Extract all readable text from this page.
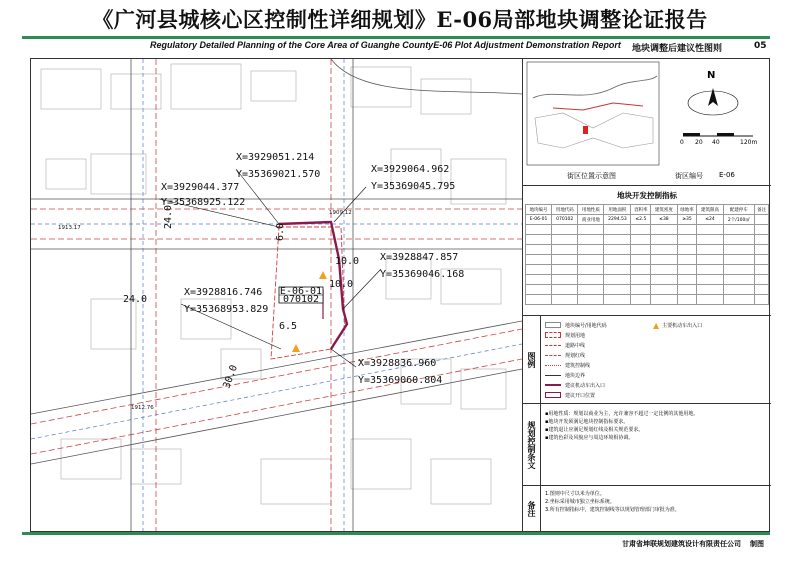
《广河县城核心区控制性详细规划》E-06局部地块调整论证报告
Regulatory Detailed Planning of the Core Area of Guanghe CountyE-06 Plot Adjustment Demonstration Report 地块调整后建议性图则	05
E-06-01
070102
X=3929051.214
Y=35369021.570	X=3929064.962
Y=35369045.795
X=3929044.377
Y=35368925.122
X=3928847.857
Y=35369046.168
X=3928816.746
Y=35368953.829
X=3928836.960
Y=35369060.804
24.0
24.0
6.0
10.0
10.0
6.5
30.0
1913.17
1909.12
1912.76
N
0 20 40	120m
街区位置示意图	街区编号 E-06
地块开发控制指标
地块编号	用地代码	用地性质	用地面积	容积率	建筑密度	绿地率	建筑限高	配建停车	备注
E-06-01	070102	商业用地	2294.53	≤2.5	≤38	≥35	≤24	2个/100㎡	

图例
地块编号/用地代码
规划用地
道路中线
规划红线
建筑控制线
地块边界
建议机动车出入口
建议开口位置
▲ 主要机动车出入口
规划控制条文
▪用地性质：规划以商业为主，允许兼容不超过一定比例的其他用地。
▪地块开发须满足地块控制指标要求。
▪建筑退让应满足规划红线及相关规范要求。
▪建筑色彩及风貌应与周边环境相协调。
备注
1.图则中尺寸以米为单位。
2.坐标采用城市独立坐标系统。
3.所有控制指标中，建筑控制线等以规划管理部门审批为准。
甘肃省坤联规划建筑设计有限责任公司 制图
